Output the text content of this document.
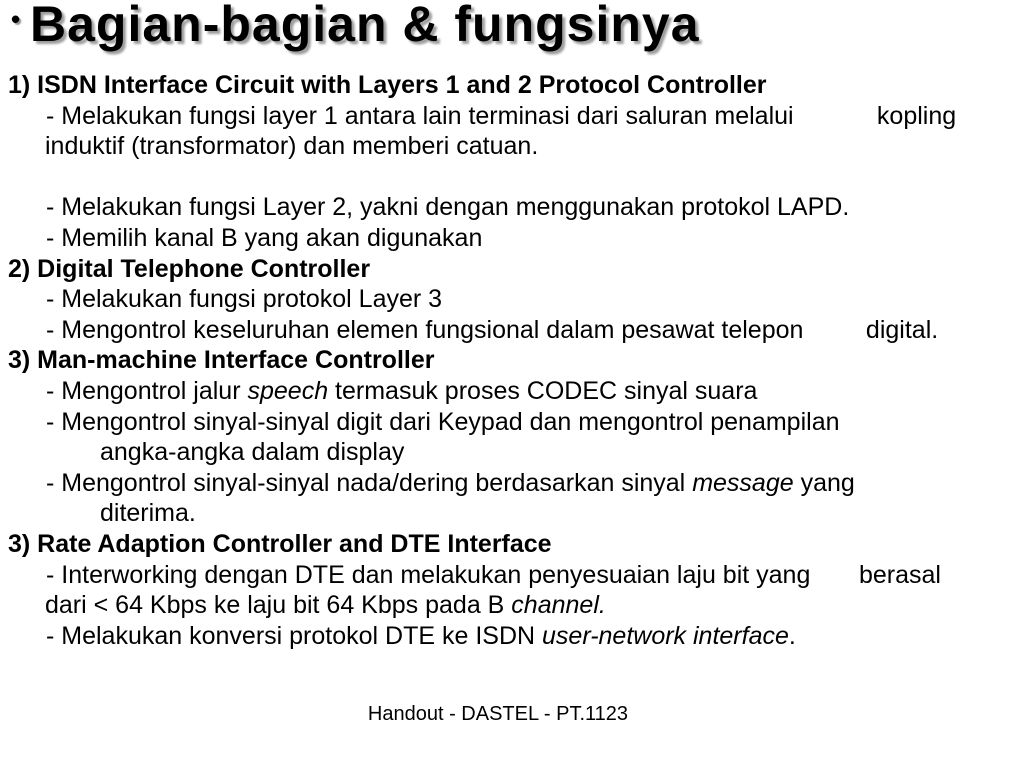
• Bagian-bagian & fungsinya
1) ISDN Interface Circuit with Layers 1 and 2 Protocol Controller
- Melakukan fungsi layer 1 antara lain terminasi dari saluran melalui            kopling
induktif (transformator) dan memberi catuan.

- Melakukan fungsi Layer 2, yakni dengan menggunakan protokol LAPD.
- Memilih kanal B yang akan digunakan
2) Digital Telephone Controller
- Melakukan fungsi protokol Layer 3
- Mengontrol keseluruhan elemen fungsional dalam pesawat telepon         digital.
3) Man-machine Interface Controller
- Mengontrol jalur speech termasuk proses CODEC sinyal suara
- Mengontrol sinyal-sinyal digit dari Keypad dan mengontrol penampilan
angka-angka dalam display
- Mengontrol sinyal-sinyal nada/dering berdasarkan sinyal message yang
diterima.
3) Rate Adaption Controller and DTE Interface
- Interworking dengan DTE dan melakukan penyesuaian laju bit yang       berasal
dari < 64 Kbps ke laju bit 64 Kbps pada B channel.
- Melakukan konversi protokol DTE ke ISDN user-network interface.
Handout - DASTEL - PT.1123
